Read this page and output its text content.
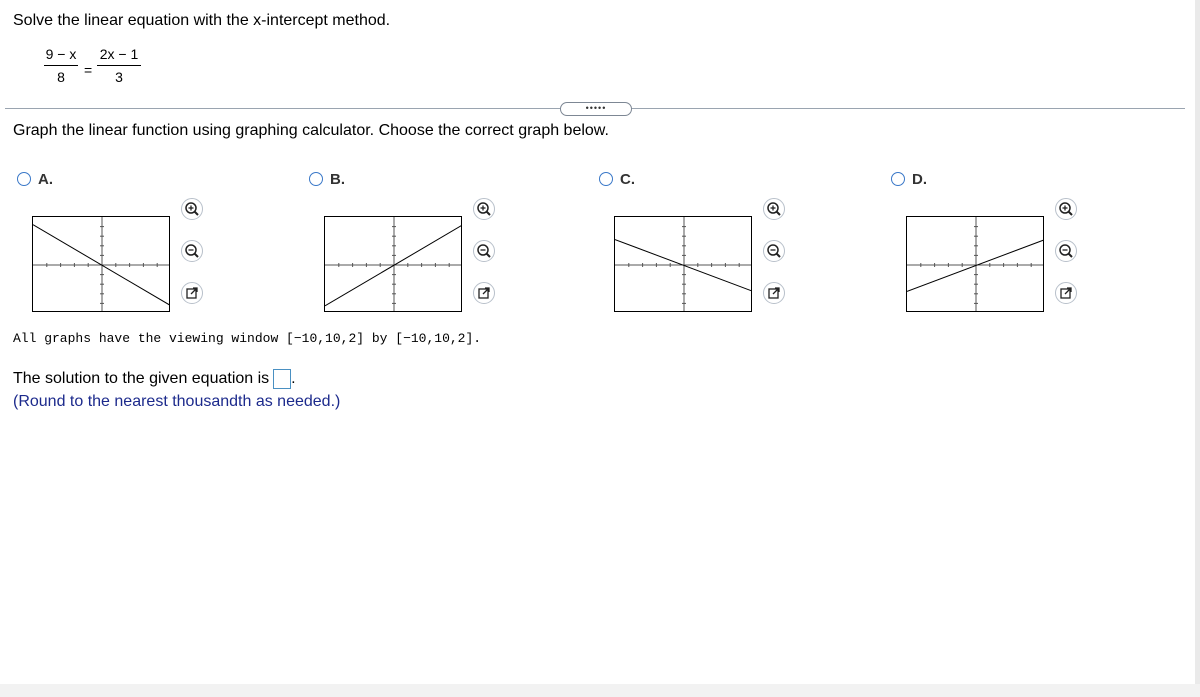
Solve the linear equation with the x-intercept method.
9 − x
8	=
2x − 1
3
•••••
Graph the linear function using graphing calculator. Choose the correct graph below.
A.	B.	C.	D.
All graphs have the viewing window [−10,10,2] by [−10,10,2].
The solution to the given equation is .
(Round to the nearest thousandth as needed.)
